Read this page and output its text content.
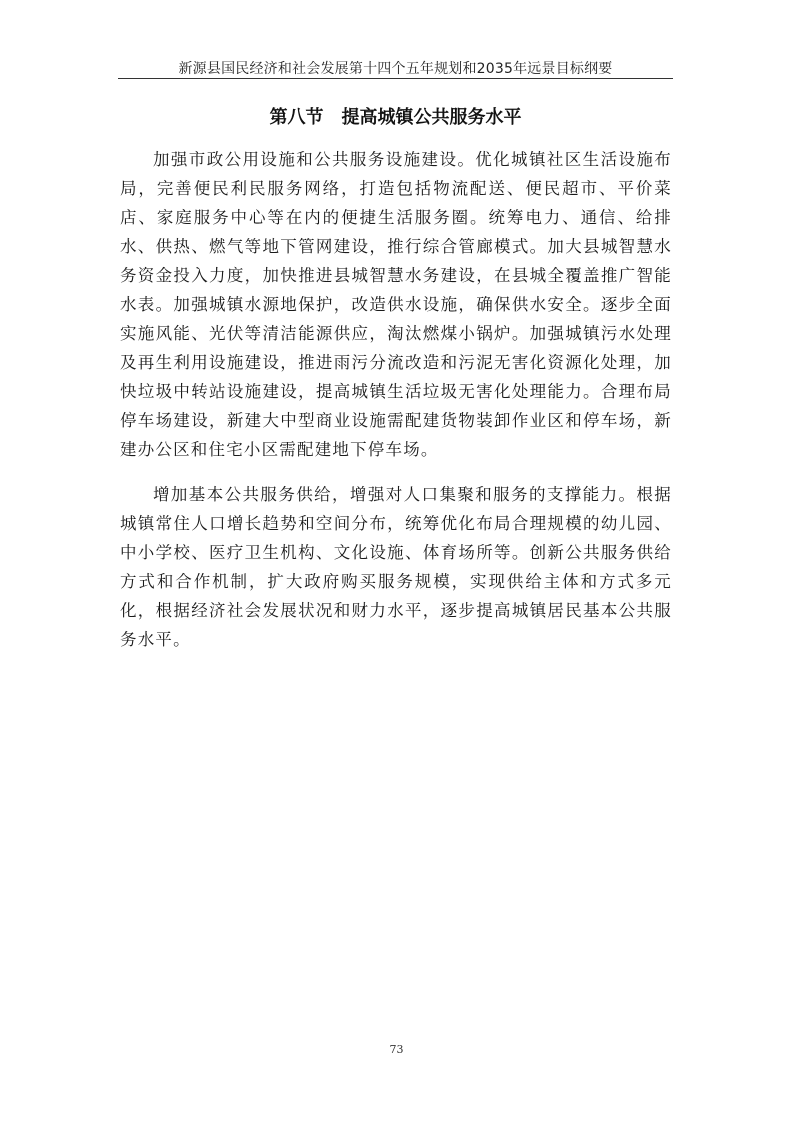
新源县国民经济和社会发展第十四个五年规划和2035年远景目标纲要
第八节　提高城镇公共服务水平

加强市政公用设施和公共服务设施建设。优化城镇社区生活设施布局，完善便民利民服务网络，打造包括物流配送、便民超市、平价菜店、家庭服务中心等在内的便捷生活服务圈。统筹电力、通信、给排水、供热、燃气等地下管网建设，推行综合管廊模式。加大县城智慧水务资金投入力度，加快推进县城智慧水务建设，在县城全覆盖推广智能水表。加强城镇水源地保护，改造供水设施，确保供水安全。逐步全面实施风能、光伏等清洁能源供应，淘汰燃煤小锅炉。加强城镇污水处理及再生利用设施建设，推进雨污分流改造和污泥无害化资源化处理，加快垃圾中转站设施建设，提高城镇生活垃圾无害化处理能力。合理布局停车场建设，新建大中型商业设施需配建货物装卸作业区和停车场，新建办公区和住宅小区需配建地下停车场。

增加基本公共服务供给，增强对人口集聚和服务的支撑能力。根据城镇常住人口增长趋势和空间分布，统筹优化布局合理规模的幼儿园、中小学校、医疗卫生机构、文化设施、体育场所等。创新公共服务供给方式和合作机制，扩大政府购买服务规模，实现供给主体和方式多元化，根据经济社会发展状况和财力水平，逐步提高城镇居民基本公共服务水平。

73
